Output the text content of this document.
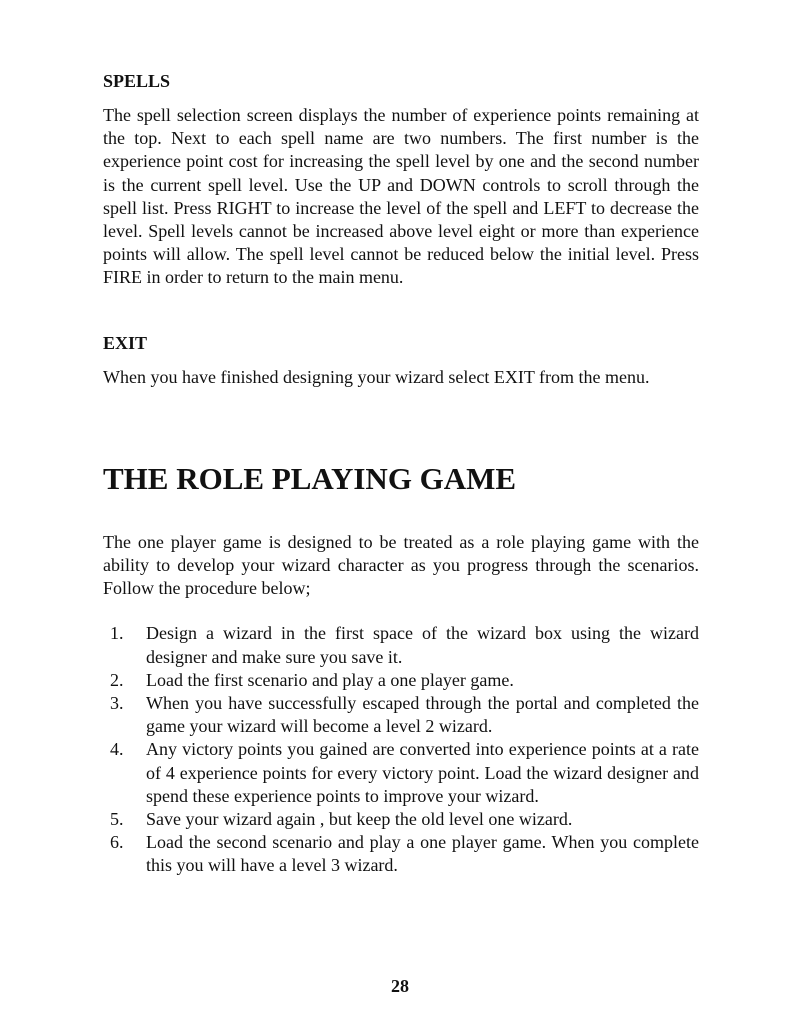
SPELLS

The spell selection screen displays the number of experience points remaining at the top. Next to each spell name are two numbers. The first number is the experience point cost for increasing the spell level by one and the second number is the current spell level. Use the UP and DOWN controls to scroll through the spell list. Press RIGHT to increase the level of the spell and LEFT to decrease the level. Spell levels cannot be increased above level eight or more than experience points will allow. The spell level cannot be reduced below the initial level. Press FIRE in order to return to the main menu.

EXIT

When you have finished designing your wizard select EXIT from the menu.

THE ROLE PLAYING GAME

The one player game is designed to be treated as a role playing game with the ability to develop your wizard character as you progress through the scenarios. Follow the procedure below;

1.	Design a wizard in the first space of the wizard box using the wizard designer and make sure you save it.
2.	Load the first scenario and play a one player game.
3.	When you have successfully escaped through the portal and completed the game your wizard will become a level 2 wizard.
4.	Any victory points you gained are converted into experience points at a rate of 4 experience points for every victory point. Load the wizard designer and spend these experience points to improve your wizard.
5.	Save your wizard again , but keep the old level one wizard.
6.	Load the second scenario and play a one player game. When you complete this you will have a level 3 wizard.
28
